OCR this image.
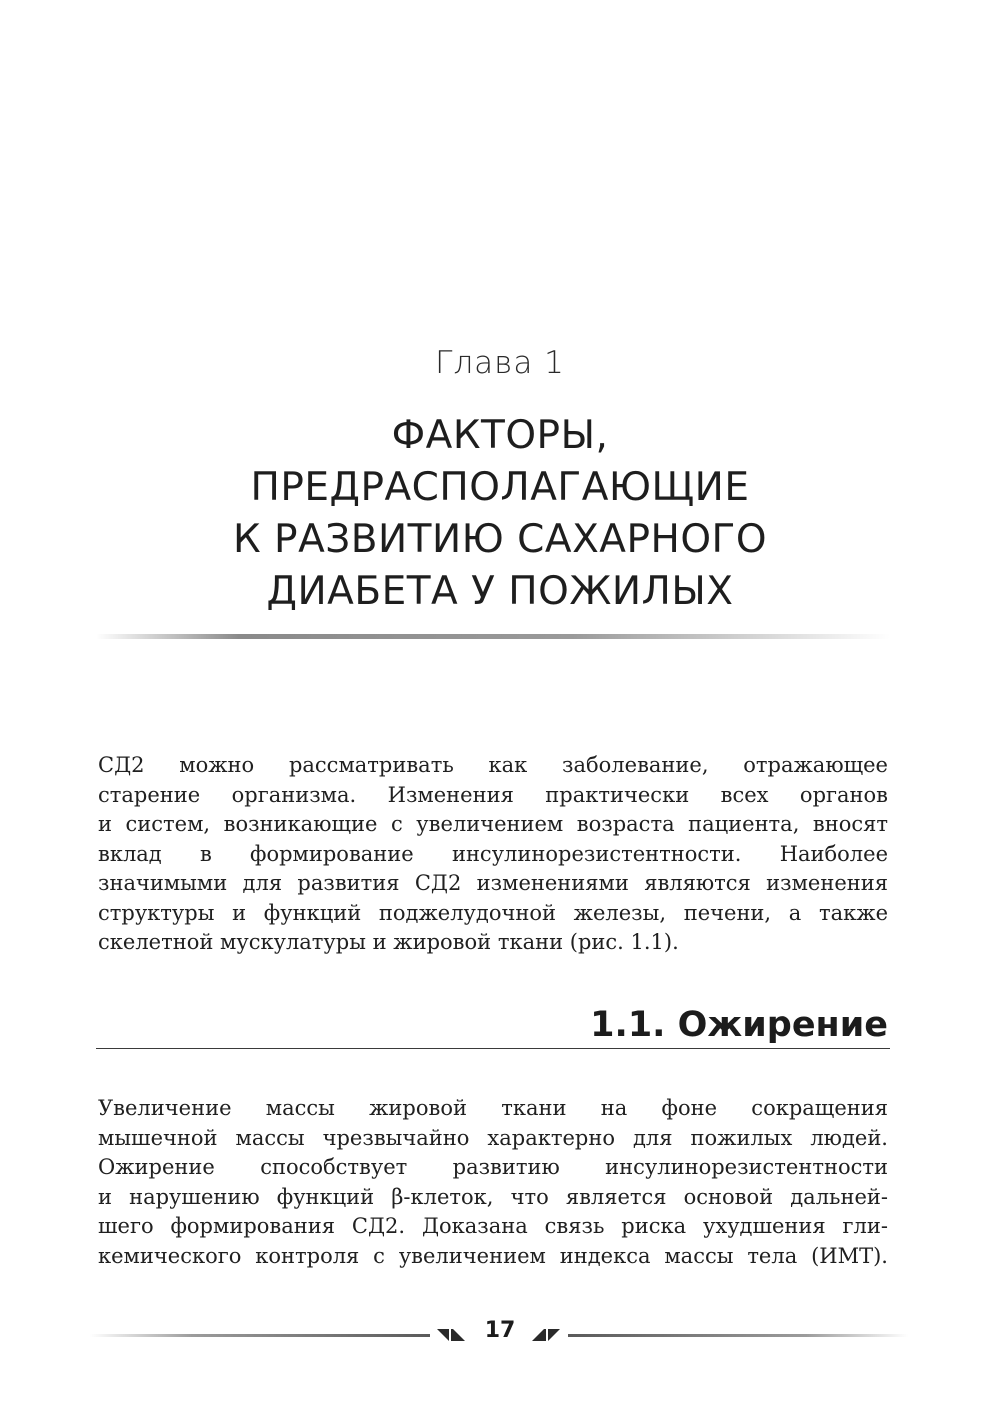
Глава 1
ФАКТОРЫ,
ПРЕДРАСПОЛАГАЮЩИЕ
К РАЗВИТИЮ САХАРНОГО
ДИАБЕТА У ПОЖИЛЫХ
СД2 можно рассматривать как заболевание, отражающее
старение организма. Изменения практически всех органов
и систем, возникающие с увеличением возраста пациента, вносят
вклад в формирование инсулинорезистентности. Наиболее
значимыми для развития СД2 изменениями являются изменения
структуры и функций поджелудочной железы, печени, а также
скелетной мускулатуры и жировой ткани (рис. 1.1).
1.1. Ожирение
Увеличение массы жировой ткани на фоне сокращения
мышечной массы чрезвычайно характерно для пожилых людей.
Ожирение способствует развитию инсулинорезистентности
и нарушению функций β-клеток, что является основой дальней-
шего формирования СД2. Доказана связь риска ухудшения гли-
кемического контроля с увеличением индекса массы тела (ИМТ).
17
